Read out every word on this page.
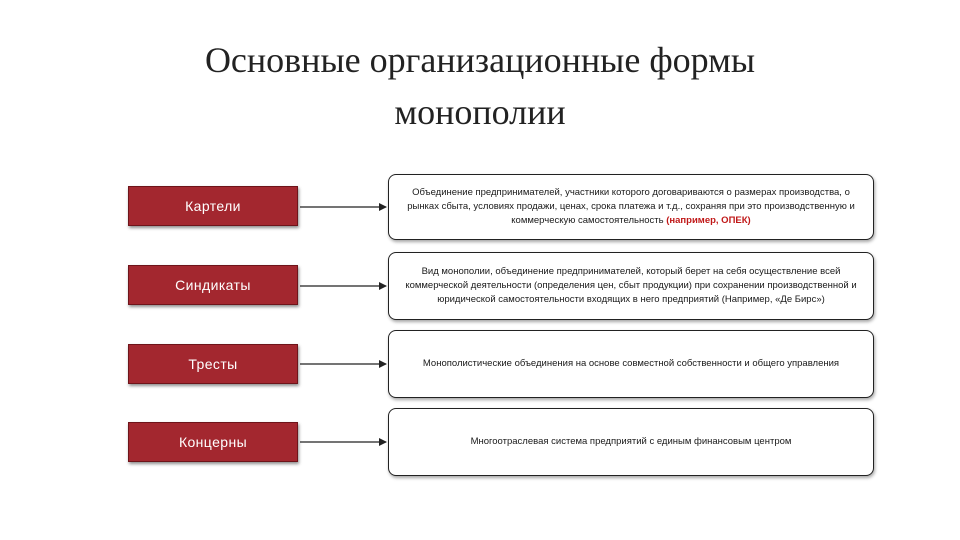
Основные организационные формы
монополии
Картели
Объединение предпринимателей, участники которого договариваются о размерах производства, о рынках сбыта, условиях продажи, ценах, срока платежа и т.д., сохраняя при это производственную и коммерческую самостоятельность (например, ОПЕК)
Синдикаты
Вид монополии, объединение предпринимателей, который берет на себя осуществление всей коммерческой деятельности (определения цен, сбыт продукции) при сохранении производственной и юридической самостоятельности входящих в него предприятий (Например, «Де Бирс»)
Тресты	Монополистические объединения на основе совместной собственности и общего управления
Концерны	Многоотраслевая система предприятий с единым финансовым центром
